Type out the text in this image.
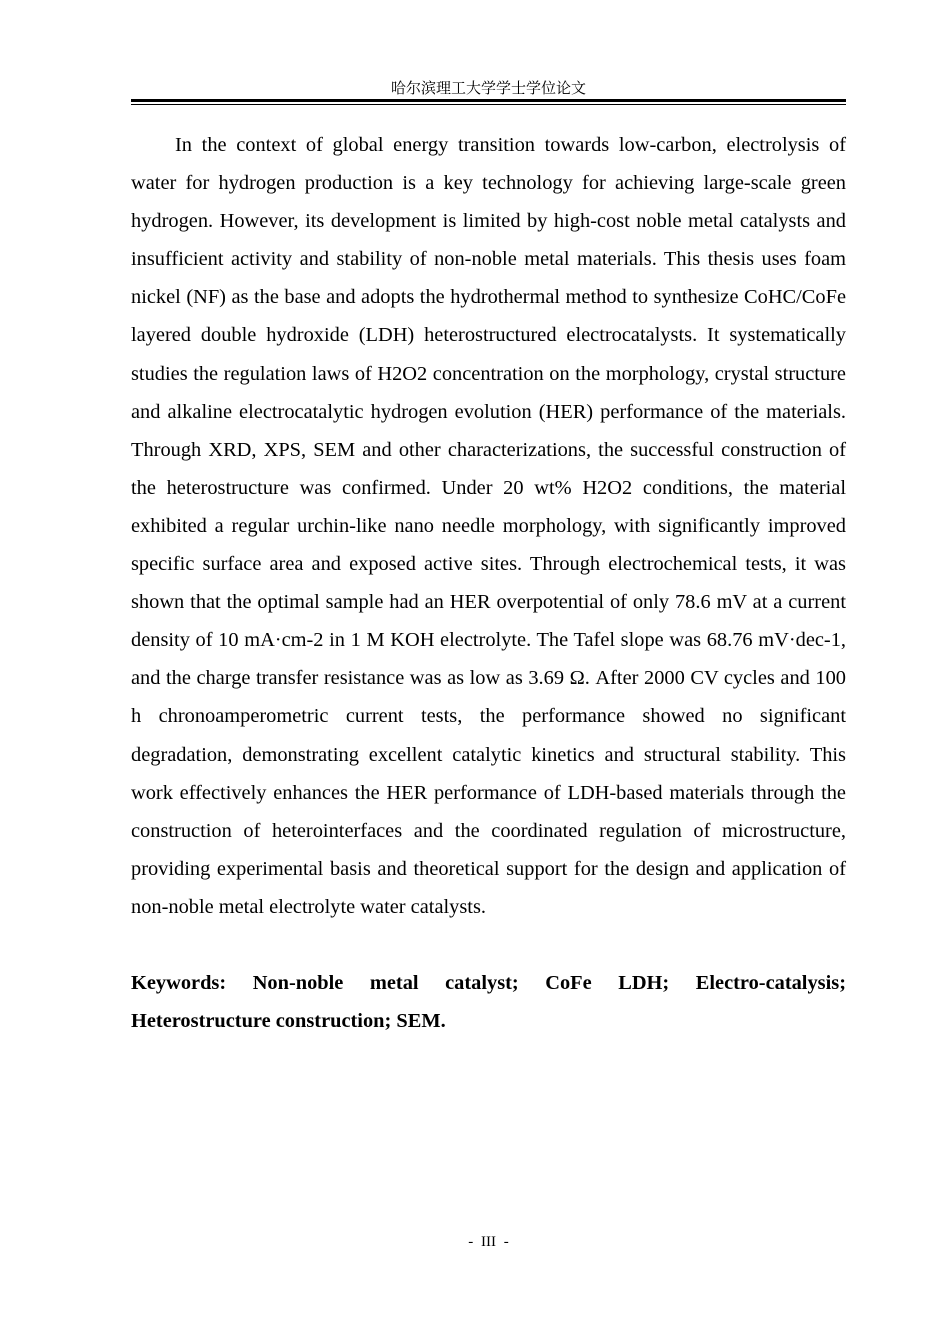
哈尔滨理工大学学士学位论文

In the context of global energy transition towards low-carbon, electrolysis of water for hydrogen production is a key technology for achieving large-scale green hydrogen. However, its development is limited by high-cost noble metal catalysts and insufficient activity and stability of non-noble metal materials. This thesis uses foam nickel (NF) as the base and adopts the hydrothermal method to synthesize CoHC/CoFe layered double hydroxide (LDH) heterostructured electrocatalysts. It systematically studies the regulation laws of H2O2 concentration on the morphology, crystal structure and alkaline electrocatalytic hydrogen evolution (HER) performance of the materials. Through XRD, XPS, SEM and other characterizations, the successful construction of the heterostructure was confirmed. Under 20 wt% H2O2 conditions, the material exhibited a regular urchin-like nano needle morphology, with significantly improved specific surface area and exposed active sites. Through electrochemical tests, it was shown that the optimal sample had an HER overpotential of only 78.6 mV at a current density of 10 mA·cm-2 in 1 M KOH electrolyte. The Tafel slope was 68.76 mV·dec-1, and the charge transfer resistance was as low as 3.69 Ω. After 2000 CV cycles and 100 h chronoamperometric current tests, the performance showed no significant degradation, demonstrating excellent catalytic kinetics and structural stability. This work effectively enhances the HER performance of LDH-based materials through the construction of heterointerfaces and the coordinated regulation of microstructure, providing experimental basis and theoretical support for the design and application of non-noble metal electrolyte water catalysts.

Keywords: Non-noble metal catalyst; CoFe LDH; Electro-catalysis; Heterostructure construction; SEM.

- III -
